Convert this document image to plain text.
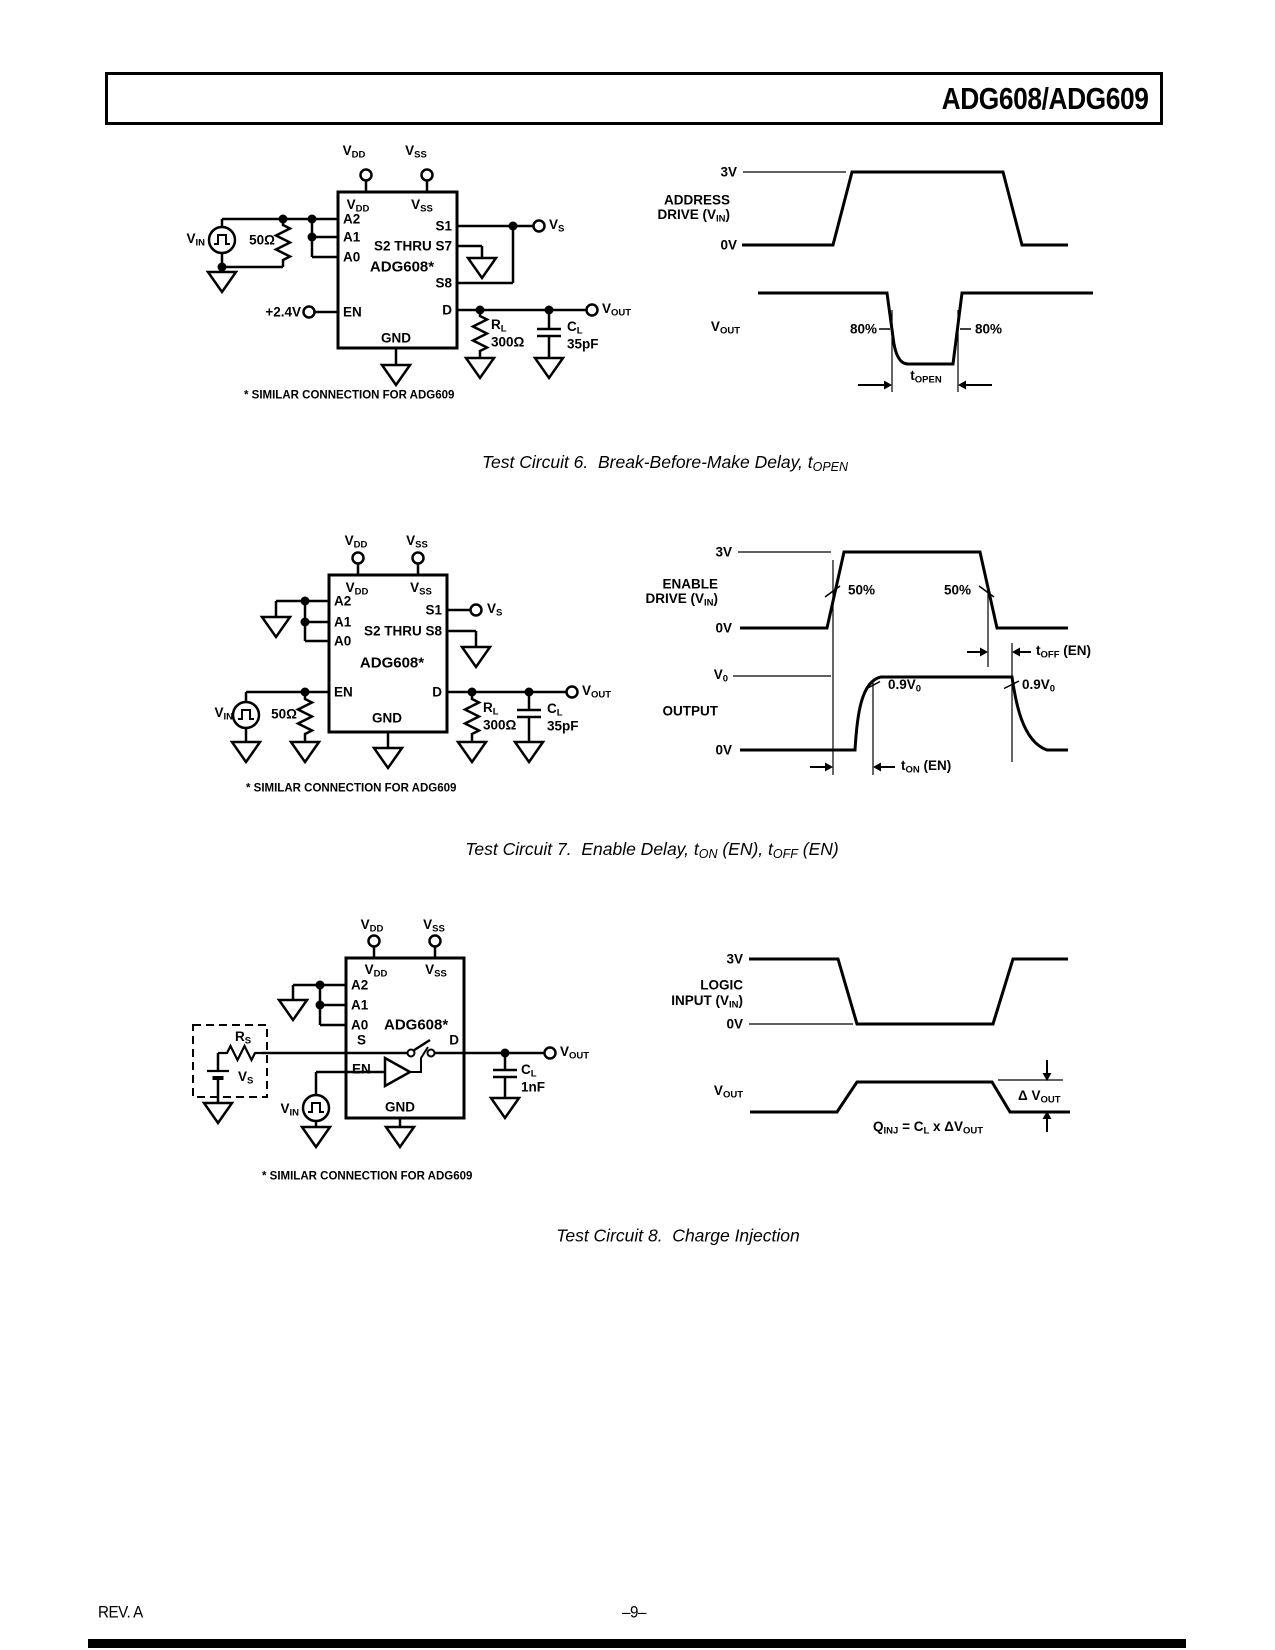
ADG608/ADG609
$V_{DD}$	$V_{SS}$
$V_{DD}$	$V_{SS}$
A2
A1
A0
ADG608*
S1
S2 THRU S7
S8
EN	D
GND
$V_{IN}$	50Ω
+2.4V
$V_S$
$V_{OUT}$
$R_L$
300Ω
$C_L$
35pF
* SIMILAR CONNECTION FOR ADG609
3V
ADDRESS
DRIVE $(V_{IN})$
0V
$V_{OUT}$	80%	80%
$t_{OPEN}$
Test Circuit 6.  Break-Before-Make Delay, tOPEN
$V_{DD}$	$V_{SS}$
$V_{DD}$	$V_{SS}$
A2
A1
A0
S1
S2 THRU S8
ADG608*
EN	D
GND
$V_{IN}$	50Ω
$V_S$
$V_{OUT}$
$R_L$
300Ω
$C_L$
35pF
* SIMILAR CONNECTION FOR ADG609
3V
ENABLE
DRIVE $(V_{IN})$
0V
50%	50%
$t_{OFF}$ (EN)
$V_0$	$0.9V_0$	$0.9V_0$
OUTPUT
0V
$t_{ON}$ (EN)
Test Circuit 7.  Enable Delay, tON (EN), tOFF (EN)
$V_{DD}$	$V_{SS}$
$V_{DD}$	$V_{SS}$
A2
A1
A0 ADG608*
S	D
EN
GND
$R_S$
$V_S$
$V_{IN}$
$V_{OUT}$
$C_L$
1nF
* SIMILAR CONNECTION FOR ADG609
3V
LOGIC
INPUT $(V_{IN})$
0V
$V_{OUT}$	Δ $V_{OUT}$
$Q_{INJ} = C_L$ x $\Delta V_{OUT}$
Test Circuit 8.  Charge Injection
REV. A	–9–
